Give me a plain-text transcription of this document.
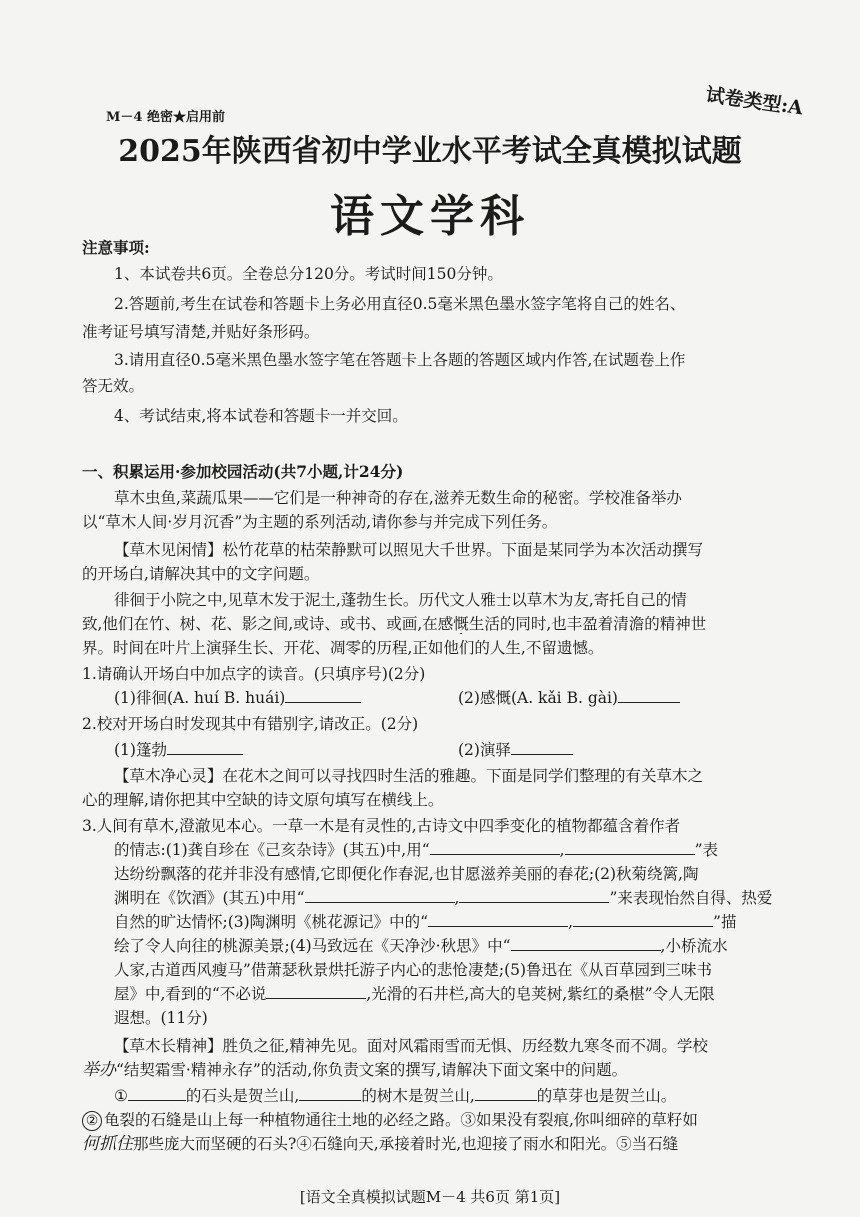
试卷类型:A
M－4 绝密★启用前
2025年陕西省初中学业水平考试全真模拟试题
语文学科
注意事项:
1、本试卷共6页。全卷总分120分。考试时间150分钟。
2.答题前,考生在试卷和答题卡上务必用直径0.5毫米黑色墨水签字笔将自己的姓名、
准考证号填写清楚,并贴好条形码。
3.请用直径0.5毫米黑色墨水签字笔在答题卡上各题的答题区域内作答,在试题卷上作
答无效。
4、考试结束,将本试卷和答题卡一并交回。
一、积累运用·参加校园活动(共7小题,计24分)
草木虫鱼,菜蔬瓜果——它们是一种神奇的存在,滋养无数生命的秘密。学校准备举办
以“草木人间·岁月沉香”为主题的系列活动,请你参与并完成下列任务。
【草木见闲情】松竹花草的枯荣静默可以照见大千世界。下面是某同学为本次活动撰写
的开场白,请解决其中的文字问题。
徘徊于小院之中,见草木发于泥土,蓬勃生长。历代文人雅士以草木为友,寄托自己的情
致,他们在竹、树、花、影之间,或诗、或书、或画,在感慨生活的同时,也丰盈着清澹的精神世
界。时间在叶片上演驿生长、开花、凋零的历程,正如他们的人生,不留遗憾。
1.请确认开场白中加点字的读音。(只填序号)(2分)
(1)徘徊(A. huí B. huái)	(2)感慨(A. kǎi B. gài)
2.校对开场白时发现其中有错别字,请改正。(2分)
(1)篷勃	(2)演驿
【草木净心灵】在花木之间可以寻找四时生活的雅趣。下面是同学们整理的有关草木之
心的理解,请你把其中空缺的诗文原句填写在横线上。
3.人间有草木,澄澈见本心。一草一木是有灵性的,古诗文中四季变化的植物都蕴含着作者
的情志:(1)龚自珍在《己亥杂诗》(其五)中,用“	,	”表
达纷纷飘落的花并非没有感情,它即便化作春泥,也甘愿滋养美丽的春花;(2)秋菊绕篱,陶
渊明在《饮酒》(其五)中用“	,	”来表现怡然自得、热爱
自然的旷达情怀;(3)陶渊明《桃花源记》中的“	,	”描
绘了令人向往的桃源美景;(4)马致远在《天净沙·秋思》中“	,小桥流水
人家,古道西风瘦马”借萧瑟秋景烘托游子内心的悲怆凄楚;(5)鲁迅在《从百草园到三味书
屋》中,看到的“不必说	,光滑的石井栏,高大的皂荚树,紫红的桑椹”令人无限
遐想。(11分)
【草木长精神】胜负之征,精神先见。面对风霜雨雪而无惧、历经数九寒冬而不凋。学校
举办“结契霜雪·精神永存”的活动,你负责文案的撰写,请解决下面文案中的问题。
①	的石头是贺兰山,	的树木是贺兰山,	的草芽也是贺兰山。
② 龟裂的石缝是山上每一种植物通往土地的必经之路。③如果没有裂痕,你叫细碎的草籽如
何抓住那些庞大而坚硬的石头?④石缝向天,承接着时光,也迎接了雨水和阳光。⑤当石缝
[语文全真模拟试题M－4 共6页 第1页]
